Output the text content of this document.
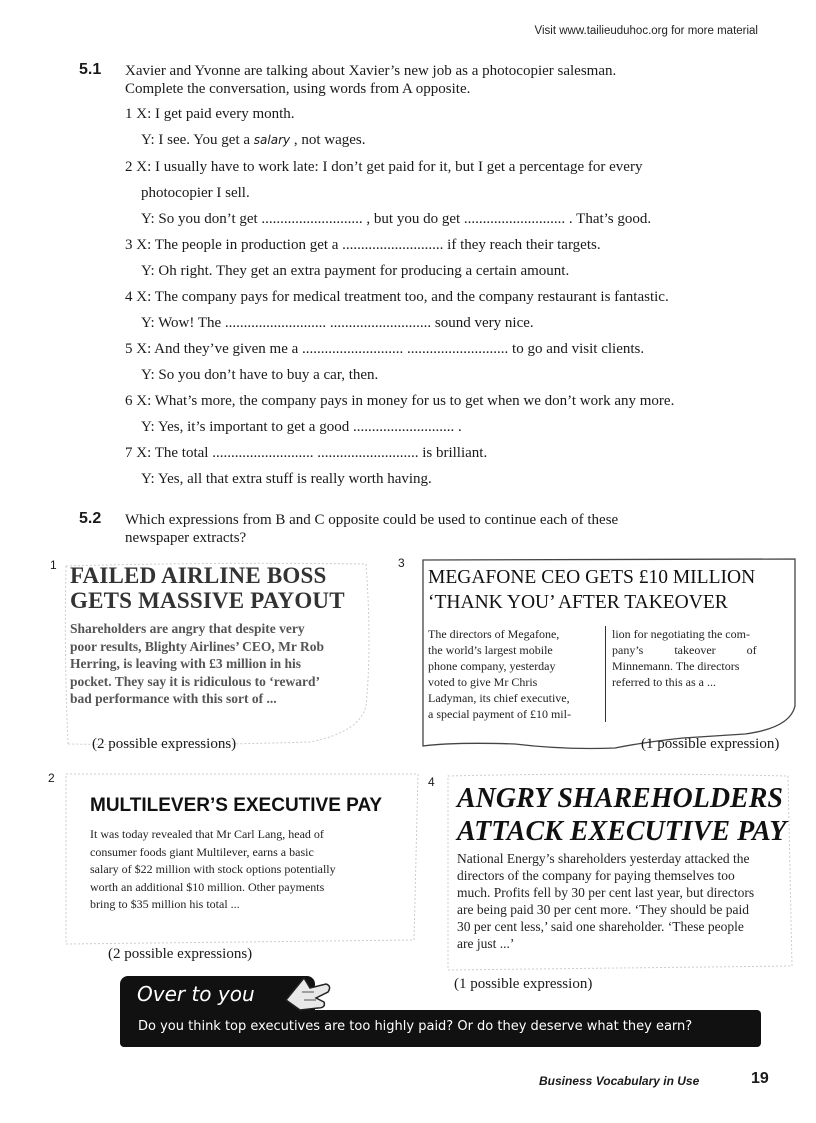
Visit www.tailieuduhoc.org for more material
5.1 Xavier and Yvonne are talking about Xavier’s new job as a photocopier salesman.
Complete the conversation, using words from A opposite.
1 X: I get paid every month.
Y: I see. You get a salary , not wages.
2 X: I usually have to work late: I don’t get paid for it, but I get a percentage for every
photocopier I sell.
Y: So you don’t get ........................... , but you do get ........................... . That’s good.
3 X: The people in production get a ........................... if they reach their targets.
Y: Oh right. They get an extra payment for producing a certain amount.
4 X: The company pays for medical treatment too, and the company restaurant is fantastic.
Y: Wow! The ........................... ........................... sound very nice.
5 X: And they’ve given me a ........................... ........................... to go and visit clients.
Y: So you don’t have to buy a car, then.
6 X: What’s more, the company pays in money for us to get when we don’t work any more.
Y: Yes, it’s important to get a good ........................... .
7 X: The total ........................... ........................... is brilliant.
Y: Yes, all that extra stuff is really worth having.
5.2 Which expressions from B and C opposite could be used to continue each of these
newspaper extracts?
1 FAILED AIRLINE BOSS
GETS MASSIVE PAYOUT
Shareholders are angry that despite very
poor results, Blighty Airlines’ CEO, Mr Rob
Herring, is leaving with £3 million in his
pocket. They say it is ridiculous to ‘reward’
bad performance with this sort of ...
(2 possible expressions)
3
MEGAFONE CEO GETS £10 MILLION
‘THANK YOU’ AFTER TAKEOVER
The directors of Megafone,
the world’s largest mobile
phone company, yesterday
voted to give Mr Chris
Ladyman, its chief executive,
a special payment of £10 mil-
lion for negotiating the com-
pany’s takeover of
Minnemann. The directors
referred to this as a ...
(1 possible expression)
2
MULTILEVER’S EXECUTIVE PAY
It was today revealed that Mr Carl Lang, head of
consumer foods giant Multilever, earns a basic
salary of $22 million with stock options potentially
worth an additional $10 million. Other payments
bring to $35 million his total ...
(2 possible expressions)
4
ANGRY SHAREHOLDERS
ATTACK EXECUTIVE PAY
National Energy’s shareholders yesterday attacked the
directors of the company for paying themselves too
much. Profits fell by 30 per cent last year, but directors
are being paid 30 per cent more. ‘They should be paid
30 per cent less,’ said one shareholder. ‘These people
are just ...’
(1 possible expression)
Over to you
Do you think top executives are too highly paid? Or do they deserve what they earn?
Business Vocabulary in Use	19
